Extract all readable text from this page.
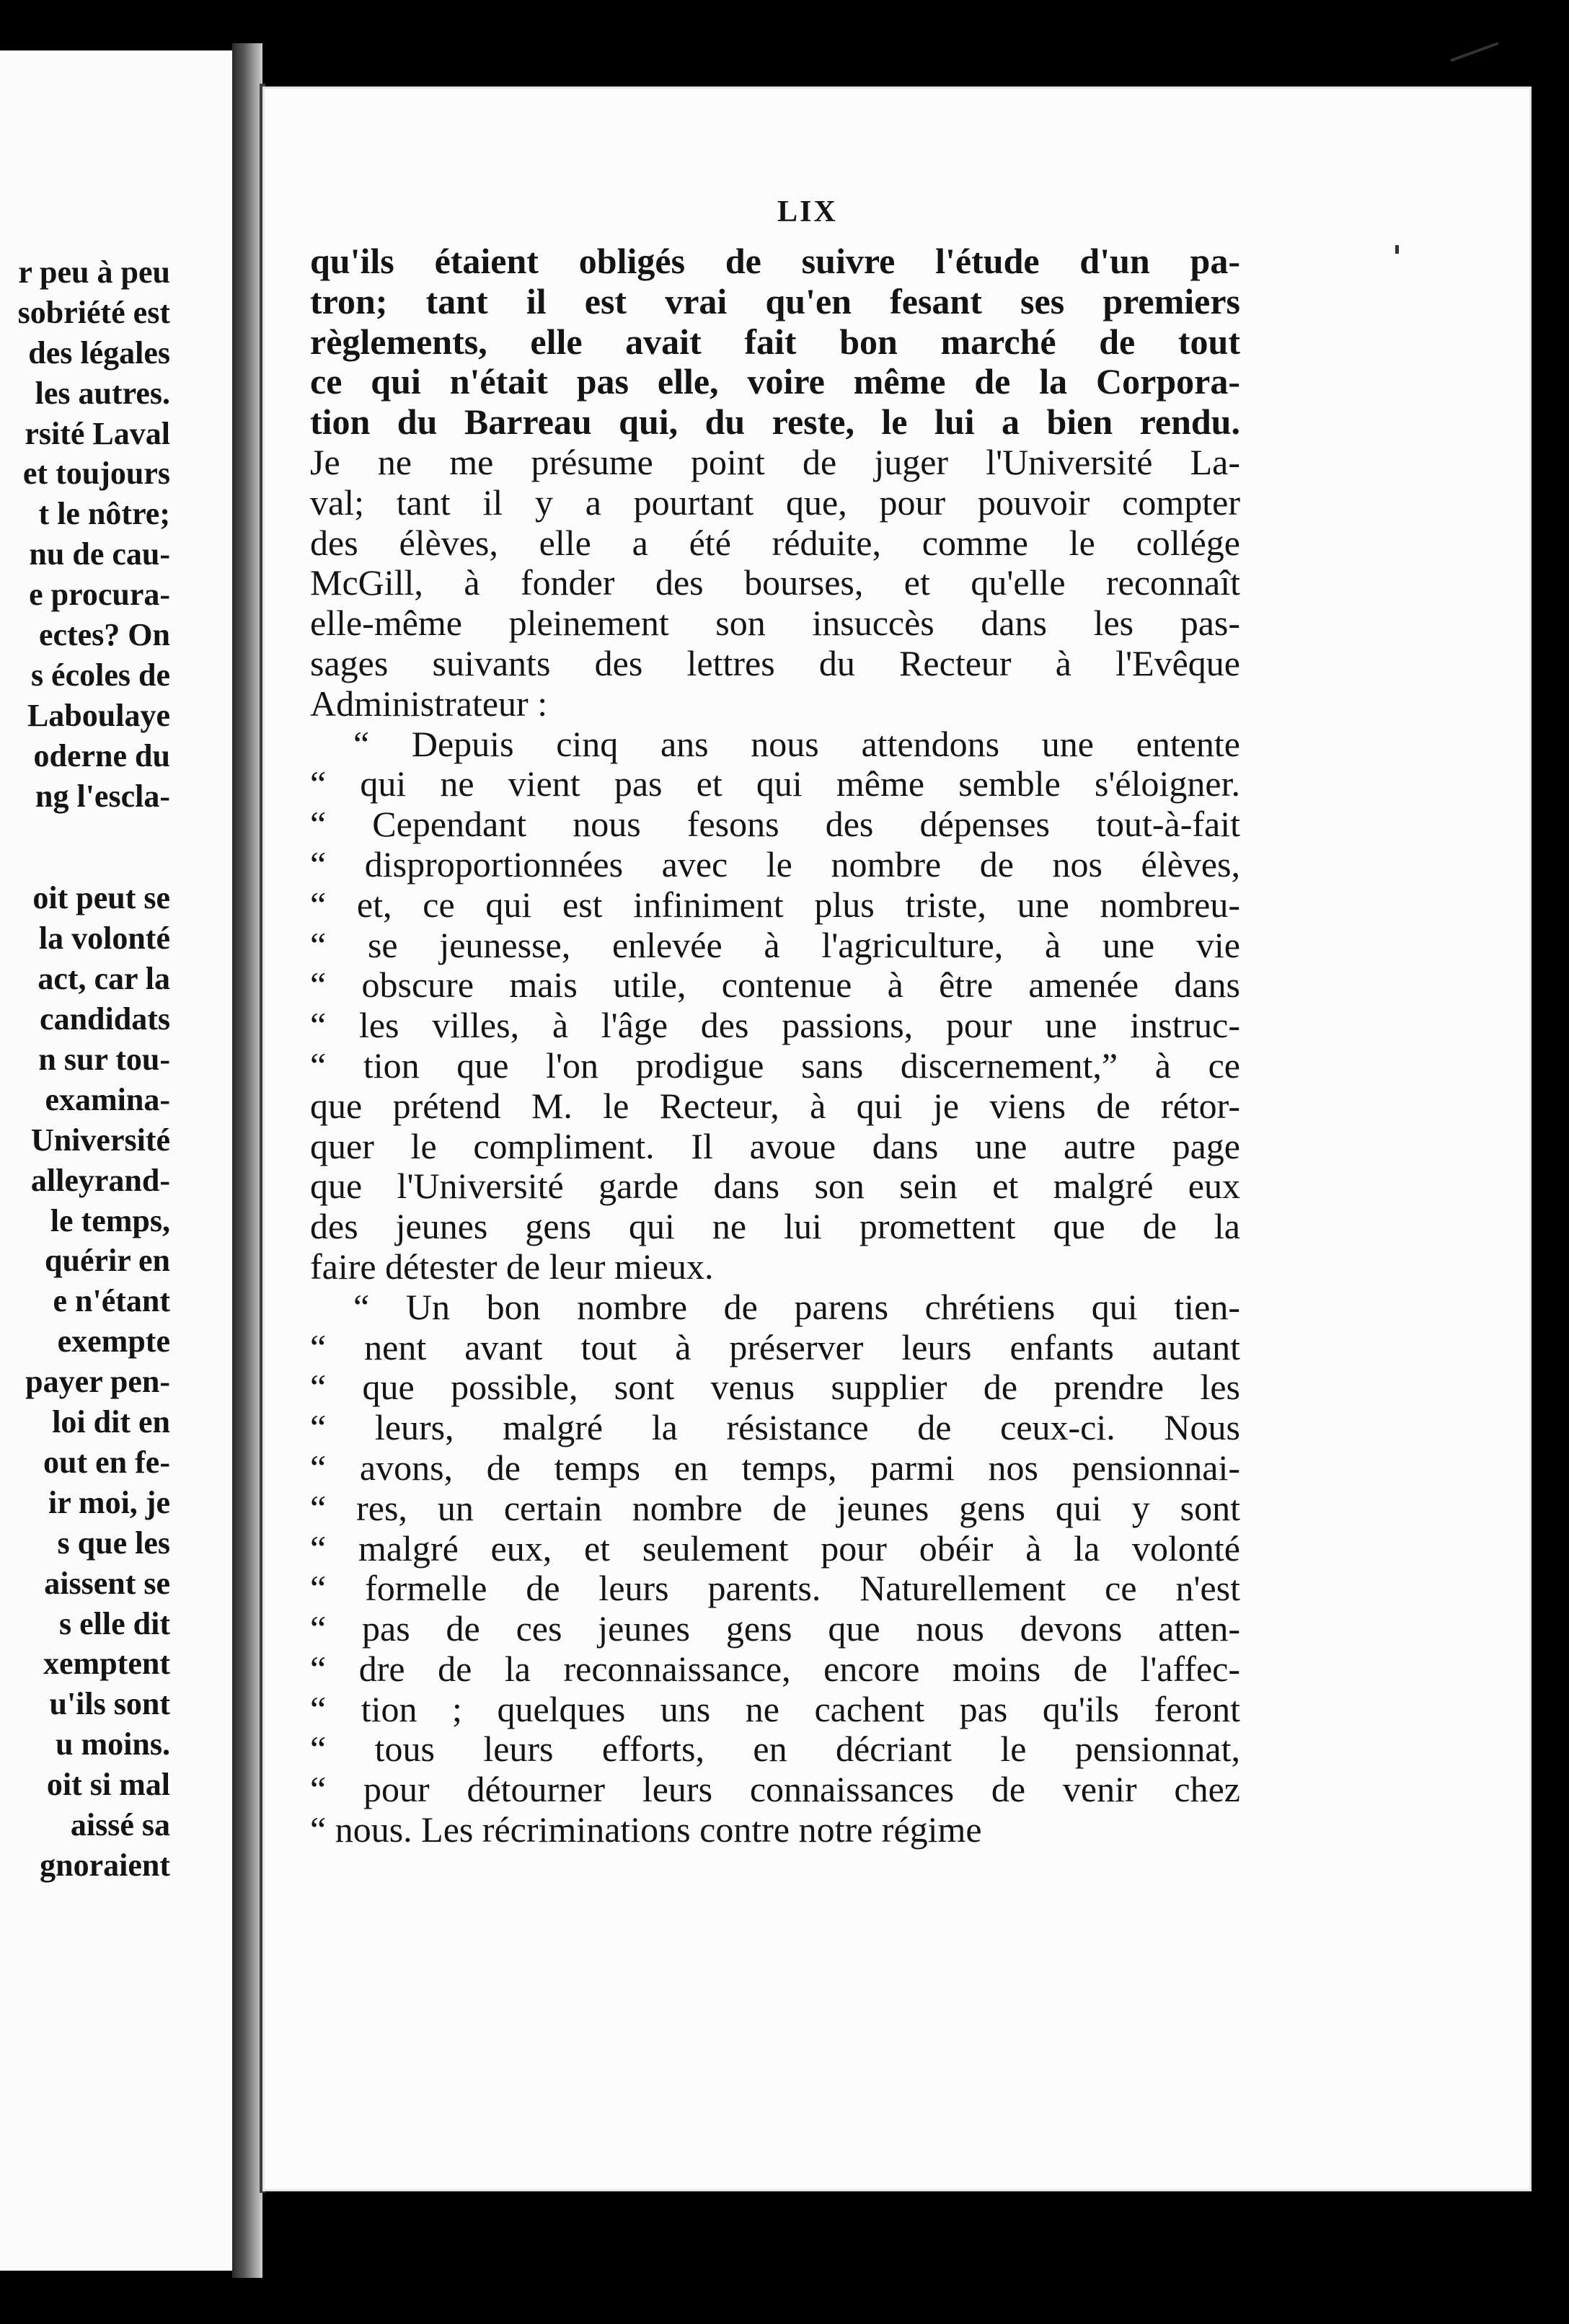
r peu à peu
sobriété est
des légales
les autres.
rsité Laval
et toujours
t le nôtre;
nu de cau-
e procura-
ectes? On
s écoles de
Laboulaye
oderne du
ng l'escla-
oit peut se
la volonté
act, car la
candidats
n sur tou-
examina-
Université
alleyrand-
le temps,
quérir en
e n'étant
exempte
payer pen-
loi dit en
out en fe-
ir moi, je
s que les
aissent se
s elle dit
xemptent
u'ils sont
u moins.
oit si mal
aissé sa
gnoraient
LIX
qu'ils étaient obligés de suivre l'étude d'un pa-
tron; tant il est vrai qu'en fesant ses premiers
règlements, elle avait fait bon marché de tout
ce qui n'était pas elle, voire même de la Corpora-
tion du Barreau qui, du reste, le lui a bien rendu.
Je ne me présume point de juger l'Université La-
val; tant il y a pourtant que, pour pouvoir compter
des élèves, elle a été réduite, comme le collége
McGill, à fonder des bourses, et qu'elle reconnaît
elle-même pleinement son insuccès dans les pas-
sages suivants des lettres du Recteur à l'Evêque
Administrateur :
“ Depuis cinq ans nous attendons une entente
“ qui ne vient pas et qui même semble s'éloigner.
“ Cependant nous fesons des dépenses tout-à-fait
“ disproportionnées avec le nombre de nos élèves,
“ et, ce qui est infiniment plus triste, une nombreu-
“ se jeunesse, enlevée à l'agriculture, à une vie
“ obscure mais utile, contenue à être amenée dans
“ les villes, à l'âge des passions, pour une instruc-
“ tion que l'on prodigue sans discernement,” à ce
que prétend M. le Recteur, à qui je viens de rétor-
quer le compliment. Il avoue dans une autre page
que l'Université garde dans son sein et malgré eux
des jeunes gens qui ne lui promettent que de la
faire détester de leur mieux.
“ Un bon nombre de parens chrétiens qui tien-
“ nent avant tout à préserver leurs enfants autant
“ que possible, sont venus supplier de prendre les
“ leurs, malgré la résistance de ceux-ci. Nous
“ avons, de temps en temps, parmi nos pensionnai-
“ res, un certain nombre de jeunes gens qui y sont
“ malgré eux, et seulement pour obéir à la volonté
“ formelle de leurs parents. Naturellement ce n'est
“ pas de ces jeunes gens que nous devons atten-
“ dre de la reconnaissance, encore moins de l'affec-
“ tion ; quelques uns ne cachent pas qu'ils feront
“ tous leurs efforts, en décriant le pensionnat,
“ pour détourner leurs connaissances de venir chez
“ nous. Les récriminations contre notre régime
